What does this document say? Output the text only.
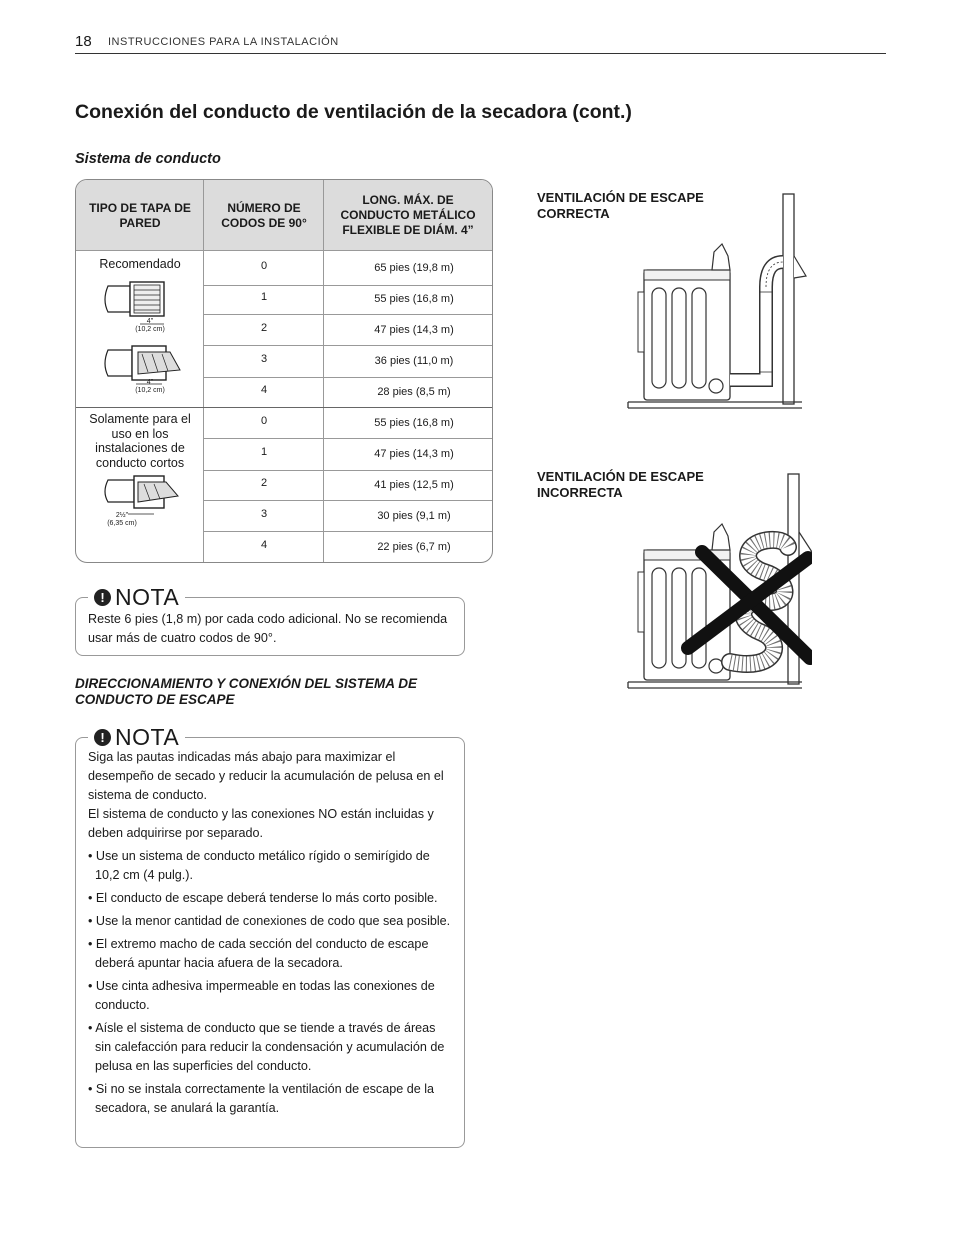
18 INSTRUCCIONES PARA LA INSTALACIÓN
Conexión del conducto de ventilación de la secadora (cont.)
Sistema de conducto
TIPO DE TAPA DE PARED
NÚMERO DE CODOS DE 90°
LONG. MÁX. DE CONDUCTO METÁLICO FLEXIBLE DE DIÁM. 4”
Recomendado
4"
(10,2 cm)
4"
(10,2 cm)
0	65 pies (19,8 m)
1	55 pies (16,8 m)
2	47 pies (14,3 m)
3	36 pies (11,0 m)
4	28 pies (8,5 m)
Solamente para el uso en los instalaciones de conducto cortos
2½"
(6,35 cm)
0	55 pies (16,8 m)
1	47 pies (14,3 m)
2	41 pies (12,5 m)
3	30 pies (9,1 m)
4	22 pies (6,7 m)
! NOTA

Reste 6 pies (1,8 m) por cada codo adicional. No se recomienda usar más de cuatro codos de 90°.

DIRECCIONAMIENTO Y CONEXIÓN DEL SISTEMA DE CONDUCTO DE ESCAPE
! NOTA

Siga las pautas indicadas más abajo para maximizar el desempeño de secado y reducir la acumulación de pelusa en el sistema de conducto.

El sistema de conducto y las conexiones NO están incluidas y deben adquirirse por separado.

• Use un sistema de conducto metálico rígido o semirígido de 10,2 cm (4 pulg.).
• El conducto de escape deberá tenderse lo más corto posible.
• Use la menor cantidad de conexiones de codo que sea posible.
• El extremo macho de cada sección del conducto de escape deberá apuntar hacia afuera de la secadora.
• Use cinta adhesiva impermeable en todas las conexiones de conducto.
• Aísle el sistema de conducto que se tiende a través de áreas sin calefacción para reducir la condensación y acumulación de pelusa en las superficies del conducto.
• Si no se instala correctamente la ventilación de escape de la secadora, se anulará la garantía.
VENTILACIÓN DE ESCAPE CORRECTA
VENTILACIÓN DE ESCAPE INCORRECTA
